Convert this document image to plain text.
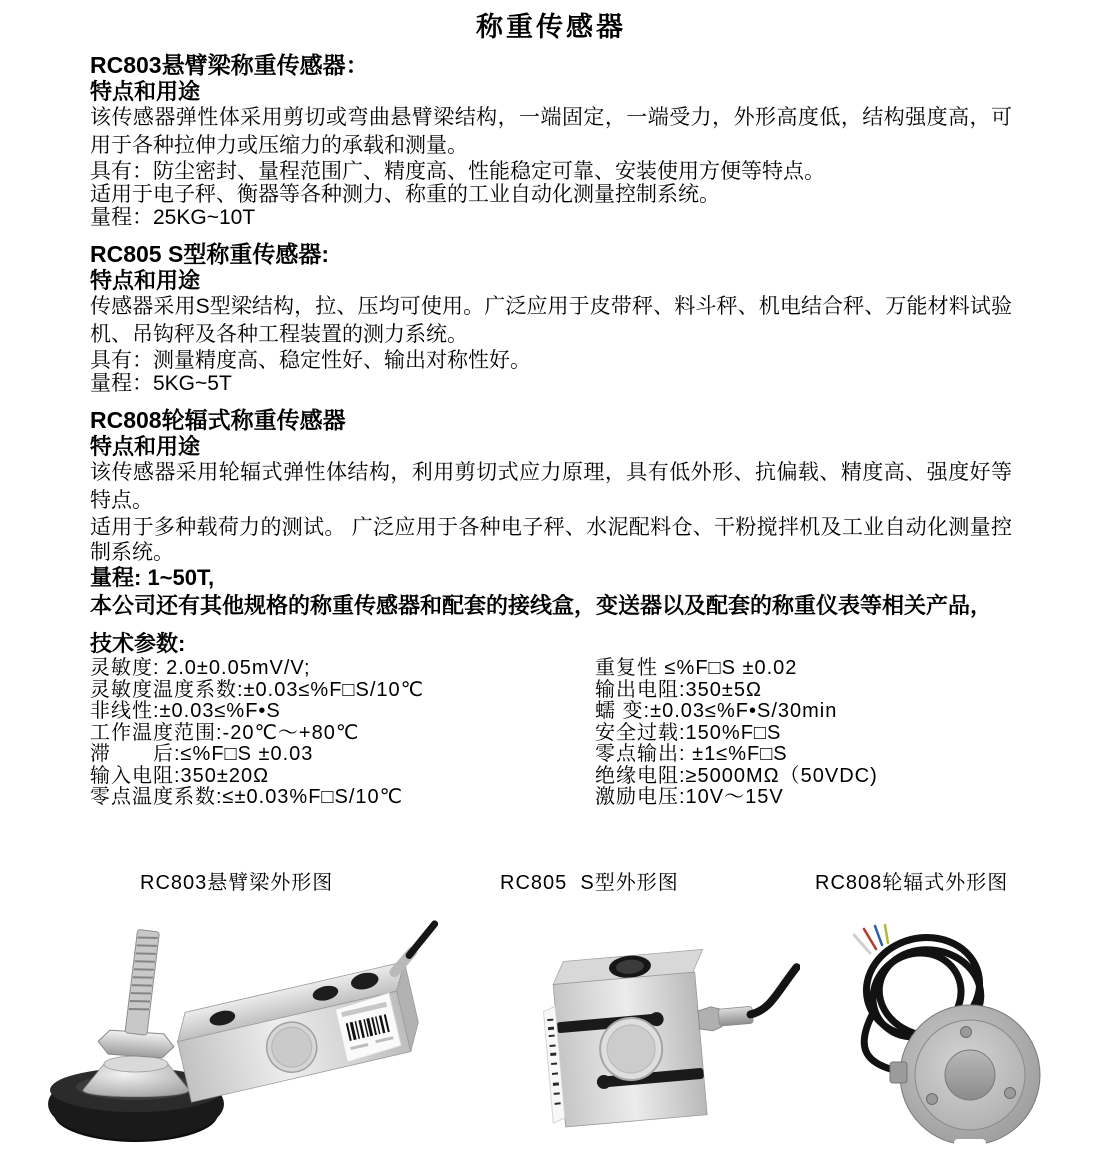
称重传感器
RC803悬臂梁称重传感器：
特点和用途

该传感器弹性体采用剪切或弯曲悬臂梁结构，一端固定，一端受力，外形高度低，结构强度高，可用于各种拉伸力或压缩力的承载和测量。

具有：防尘密封、量程范围广、精度高、性能稳定可靠、安装使用方便等特点。

适用于电子秤、衡器等各种测力、称重的工业自动化测量控制系统。

量程：25KG~10T

RC805 S型称重传感器:
特点和用途

传感器采用S型梁结构，拉、压均可使用。广泛应用于皮带秤、料斗秤、机电结合秤、万能材料试验机、吊钩秤及各种工程装置的测力系统。

具有：测量精度高、稳定性好、输出对称性好。

量程：5KG~5T

RC808轮辐式称重传感器
特点和用途

该传感器采用轮辐式弹性体结构，利用剪切式应力原理，具有低外形、抗偏载、精度高、强度好等特点。

适用于多种载荷力的测试。 广泛应用于各种电子秤、水泥配料仓、干粉搅拌机及工业自动化测量控制系统。

量程: 1~50T,

本公司还有其他规格的称重传感器和配套的接线盒，变送器以及配套的称重仪表等相关产品，

技术参数:

灵敏度: 2.0±0.05mV/V;

灵敏度温度系数:±0.03≤%F□S/10℃

非线性:±0.03≤%F•S

工作温度范围:-20℃～+80℃

滞　　后:≤%F□S ±0.03

输入电阻:350±20Ω

零点温度系数:≤±0.03%F□S/10℃

重复性 ≤%F□S ±0.02

输出电阻:350±5Ω

蠕 变:±0.03≤%F•S/30min

安全过载:150%F□S

零点输出: ±1≤%F□S

绝缘电阻:≥5000MΩ（50VDC)

激励电压:10V～15V

RC803悬臂梁外形图	RC805  S型外形图	RC808轮辐式外形图
